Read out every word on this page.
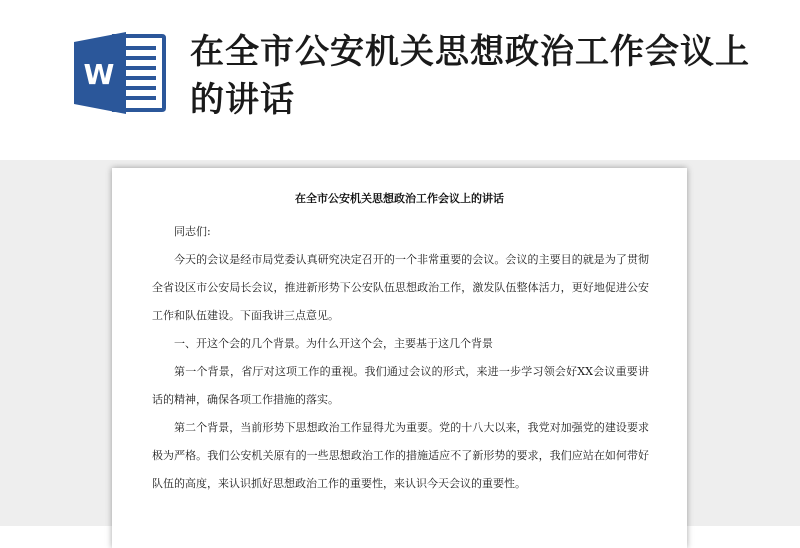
W
在全市公安机关思想政治工作会议上的讲话
在全市公安机关思想政治工作会议上的讲话

同志们:

今天的会议是经市局党委认真研究决定召开的一个非常重要的会议。会议的主要目的就是为了贯彻全省设区市公安局长会议，推进新形势下公安队伍思想政治工作，激发队伍整体活力，更好地促进公安工作和队伍建设。下面我讲三点意见。

一、开这个会的几个背景。为什么开这个会，主要基于这几个背景

第一个背景，省厅对这项工作的重视。我们通过会议的形式，来进一步学习领会好XX会议重要讲话的精神，确保各项工作措施的落实。

第二个背景，当前形势下思想政治工作显得尤为重要。党的十八大以来，我党对加强党的建设要求极为严格。我们公安机关原有的一些思想政治工作的措施适应不了新形势的要求，我们应站在如何带好队伍的高度，来认识抓好思想政治工作的重要性，来认识今天会议的重要性。
